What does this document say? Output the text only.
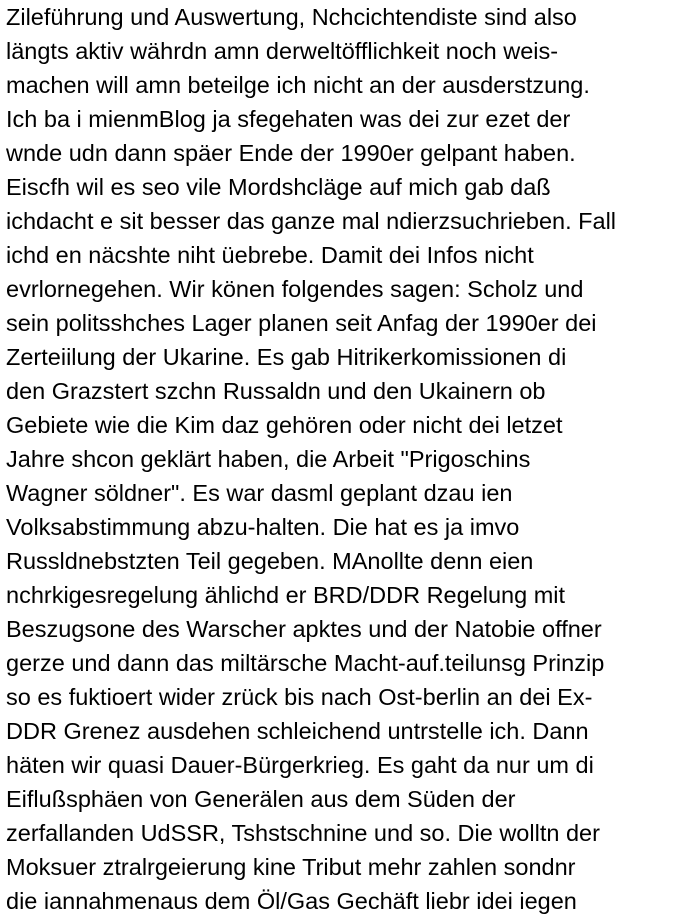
Zileführung und Auswertung, Nchcichtendiste sind also
längts aktiv währdn amn derweltöfflichkeit noch weis-
machen will amn beteilge ich nicht an der ausderstzung.
Ich ba i mienmBlog ja sfegehaten was dei zur ezet der
wnde udn dann späer Ende der 1990er gelpant haben.
Eiscfh wil es seo vile Mordshcläge auf mich gab daß
ichdacht e sit besser das ganze mal ndierzsuchrieben. Fall
ichd en näcshte niht üebrebe. Damit dei Infos nicht
evrlornegehen. Wir könen folgendes sagen: Scholz und
sein politsshches Lager planen seit Anfag der 1990er dei
Zerteiilung der Ukarine. Es gab Hitrikerkomissionen di
den Grazstert szchn Russaldn und den Ukainern ob
Gebiete wie die Kim daz gehören oder nicht dei letzet
Jahre shcon geklärt haben, die Arbeit "Prigoschins
Wagner söldner". Es war dasml geplant dzau ien
Volksabstimmung abzu-halten. Die hat es ja imvo
Russldnebstzten Teil gegeben. MAnollte denn eien
nchrkigesregelung ählichd er BRD/DDR Regelung mit
Beszugsone des Warscher apktes und der Natobie offner
gerze und dann das miltärsche Macht-auf.teilunsg Prinzip
so es fuktioert wider zrück bis nach Ost-berlin an dei Ex-
DDR Grenez ausdehen schleichend untrstelle ich. Dann
häten wir quasi Dauer-Bürgerkrieg. Es gaht da nur um di
Eiflußsphäen von Generälen aus dem Süden der
zerfallanden UdSSR, Tshstschnine und so. Die wolltn der
Moksuer ztralrgeierung kine Tribut mehr zahlen sondnr
die iannahmenaus dem Öl/Gas Gechäft liebr idei iegen
